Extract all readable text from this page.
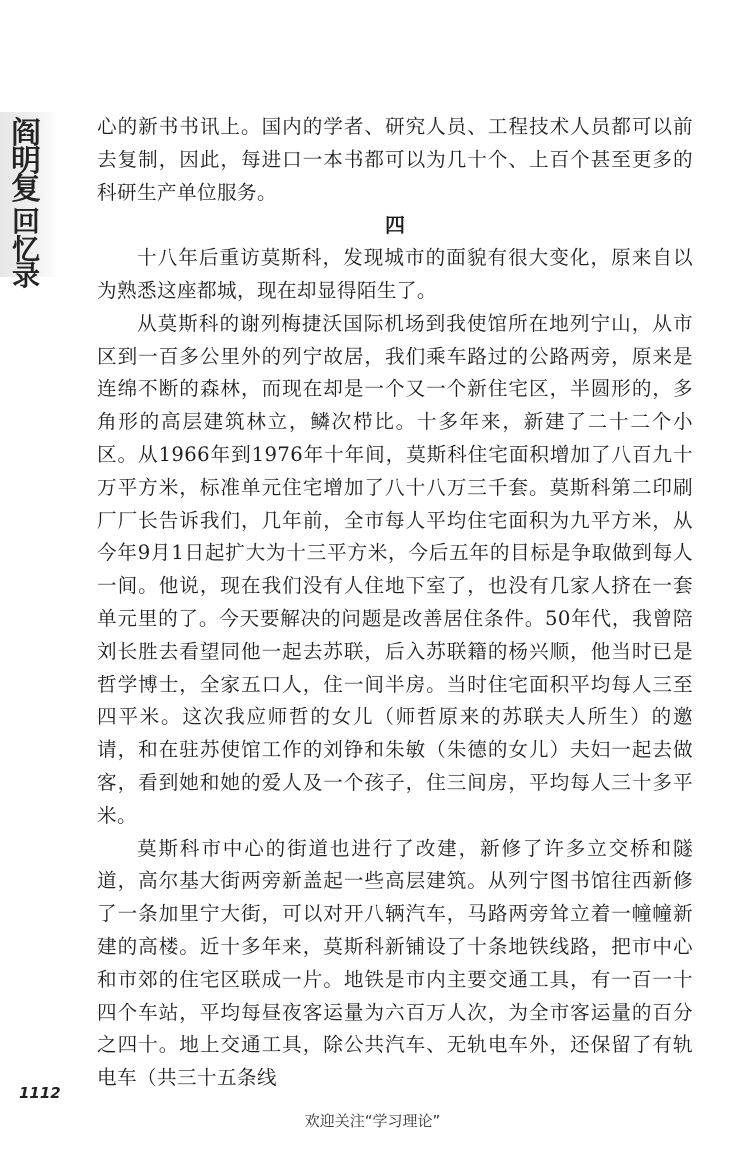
阎
明
复
回
忆
录

心的新书书讯上。国内的学者、研究人员、工程技术人员都可以前去复制，因此，每进口一本书都可以为几十个、上百个甚至更多的科研生产单位服务。

四

十八年后重访莫斯科，发现城市的面貌有很大变化，原来自以为熟悉这座都城，现在却显得陌生了。

从莫斯科的谢列梅捷沃国际机场到我使馆所在地列宁山，从市区到一百多公里外的列宁故居，我们乘车路过的公路两旁，原来是连绵不断的森林，而现在却是一个又一个新住宅区，半圆形的，多角形的高层建筑林立，鳞次栉比。十多年来，新建了二十二个小区。从1966年到1976年十年间，莫斯科住宅面积增加了八百九十万平方米，标准单元住宅增加了八十八万三千套。莫斯科第二印刷厂厂长告诉我们，几年前，全市每人平均住宅面积为九平方米，从今年9月1日起扩大为十三平方米，今后五年的目标是争取做到每人一间。他说，现在我们没有人住地下室了，也没有几家人挤在一套单元里的了。今天要解决的问题是改善居住条件。50年代，我曾陪刘长胜去看望同他一起去苏联，后入苏联籍的杨兴顺，他当时已是哲学博士，全家五口人，住一间半房。当时住宅面积平均每人三至四平米。这次我应师哲的女儿（师哲原来的苏联夫人所生）的邀请，和在驻苏使馆工作的刘铮和朱敏（朱德的女儿）夫妇一起去做客，看到她和她的爱人及一个孩子，住三间房，平均每人三十多平米。

莫斯科市中心的街道也进行了改建，新修了许多立交桥和隧道，高尔基大街两旁新盖起一些高层建筑。从列宁图书馆往西新修了一条加里宁大街，可以对开八辆汽车，马路两旁耸立着一幢幢新建的高楼。近十多年来，莫斯科新铺设了十条地铁线路，把市中心和市郊的住宅区联成一片。地铁是市内主要交通工具，有一百一十四个车站，平均每昼夜客运量为六百万人次，为全市客运量的百分之四十。地上交通工具，除公共汽车、无轨电车外，还保留了有轨电车（共三十五条线

1112
欢迎关注“学习理论”
